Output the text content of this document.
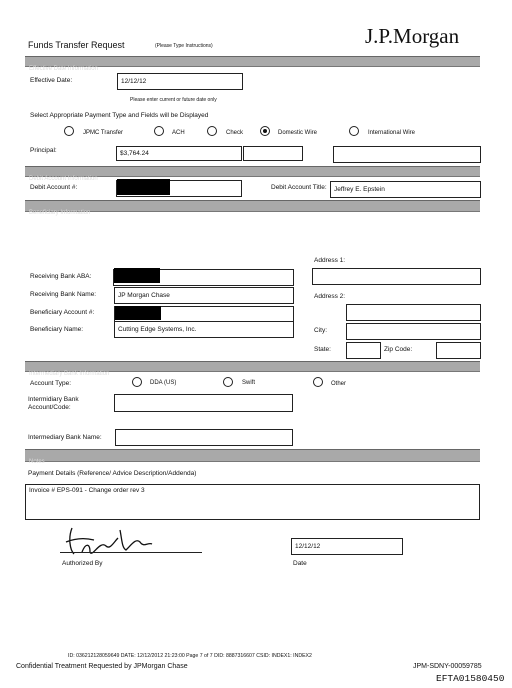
Funds Transfer Request	(Please Type Instructions)	J.P.Morgan
Effective Date Information
Effective Date:	12/12/12
Please enter current or future date only
Select Appropriate Payment Type and Fields will be Displayed
JPMC Transfer	ACH	Check	Domestic Wire	International Wire
Principal:	$3,764.24
Debit Account Information
Debit Account #:	Debit Account Title:	Jeffrey E. Epstein
Beneficiary Information
Address 1:
Receiving Bank ABA:
Receiving Bank Name:	JP Morgan Chase	Address 2:
Beneficiary Account #:
Beneficiary Name:	Cutting Edge Systems, Inc.	City:
State:	Zip Code:
Intermediary Bank Information
Account Type:	DDA (US)	Swift	Other
Intermidiary Bank
Account/Code:
Intermediary Bank Name:
Notes
Payment Details (Reference/ Advice Description/Addenda)
Invoice # EPS-091 - Change order rev 3
Authorized By
12/12/12
Date
ID: 036212128059649 DATE: 12/12/2012 21:23:00 Page 7 of 7 DID: 8887316607 CSID: INDEX1: INDEX2
Confidential Treatment Requested by JPMorgan Chase	JPM-SDNY-00059785
EFTA01580450
